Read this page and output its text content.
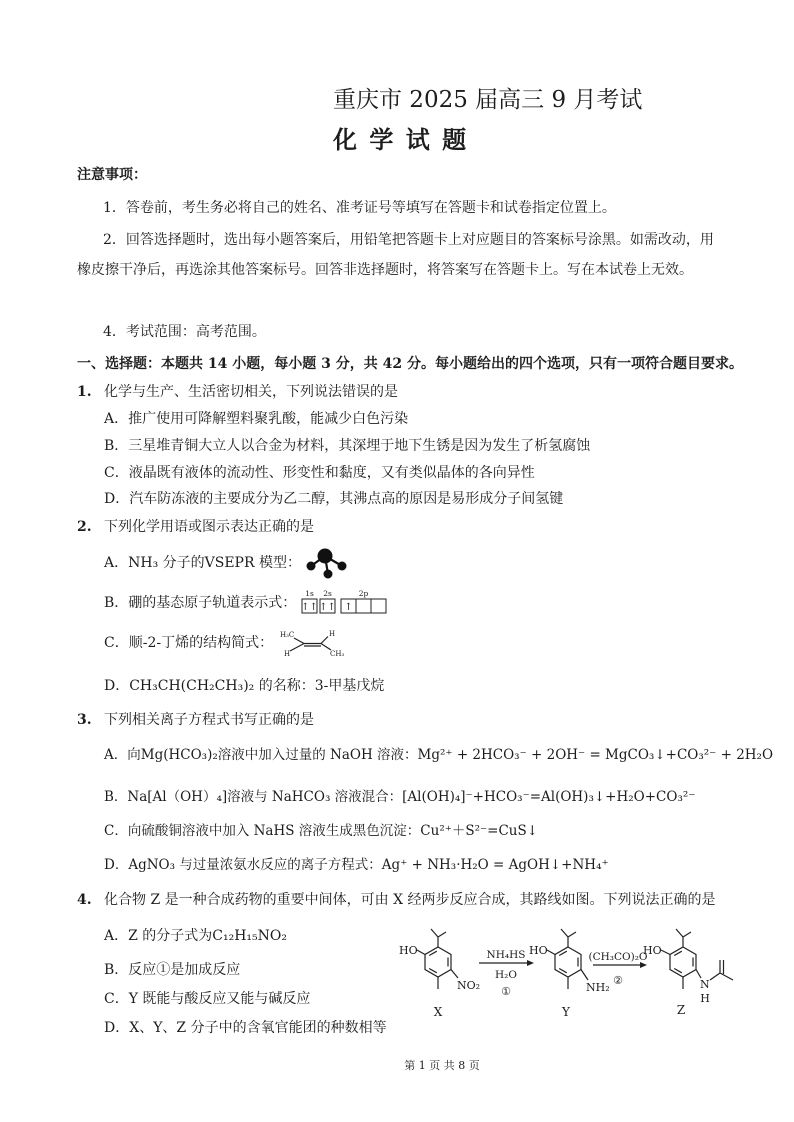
重庆市 2025 届高三 9 月考试
化 学 试 题
注意事项：
1．答卷前，考生务必将自己的姓名、准考证号等填写在答题卡和试卷指定位置上。
2．回答选择题时，选出每小题答案后，用铅笔把答题卡上对应题目的答案标号涂黑。如需改动，用橡皮擦干净后，再选涂其他答案标号。回答非选择题时，将答案写在答题卡上。写在本试卷上无效。
4．考试范围：高考范围。
一、选择题：本题共 14 小题，每小题 3 分，共 42 分。每小题给出的四个选项，只有一项符合题目要求。
1. 化学与生产、生活密切相关，下列说法错误的是
A．推广使用可降解塑料聚乳酸，能减少白色污染
B．三星堆青铜大立人以合金为材料，其深埋于地下生锈是因为发生了析氢腐蚀
C．液晶既有液体的流动性、形变性和黏度，又有类似晶体的各向异性
D．汽车防冻液的主要成分为乙二醇，其沸点高的原因是易形成分子间氢键
2. 下列化学用语或图示表达正确的是
A．NH₃ 分子的VSEPR 模型：
B．硼的基态原子轨道表示式：
1s 2s	2p
↑↑ ↑↑ ↑
C．顺-2-丁烯的结构简式： H₃C	H
H	CH₃
D．CH₃CH(CH₂CH₃)₂ 的名称：3-甲基戊烷
3. 下列相关离子方程式书写正确的是
A．向Mg(HCO₃)₂溶液中加入过量的 NaOH 溶液：Mg²⁺ + 2HCO₃⁻ + 2OH⁻ = MgCO₃↓+CO₃²⁻ + 2H₂O
B．Na[Al（OH）₄]溶液与 NaHCO₃ 溶液混合：[Al(OH)₄]⁻+HCO₃⁻=Al(OH)₃↓+H₂O+CO₃²⁻
C．向硫酸铜溶液中加入 NaHS 溶液生成黑色沉淀：Cu²⁺＋S²⁻=CuS↓
D．AgNO₃ 与过量浓氨水反应的离子方程式：Ag⁺ + NH₃·H₂O = AgOH↓+NH₄⁺
4. 化合物 Z 是一种合成药物的重要中间体，可由 X 经两步反应合成，其路线如图。下列说法正确的是
A．Z 的分子式为C₁₂H₁₅NO₂
B．反应①是加成反应
C．Y 既能与酸反应又能与碱反应
D．X、Y、Z 分子中的含氧官能团的种数相等
HO
NO₂
X
NH₄HS
H₂O
①
HO
NH₂
Y
(CH₃CO)₂O
②
HO
N
H
Z
第 1 页 共 8 页
